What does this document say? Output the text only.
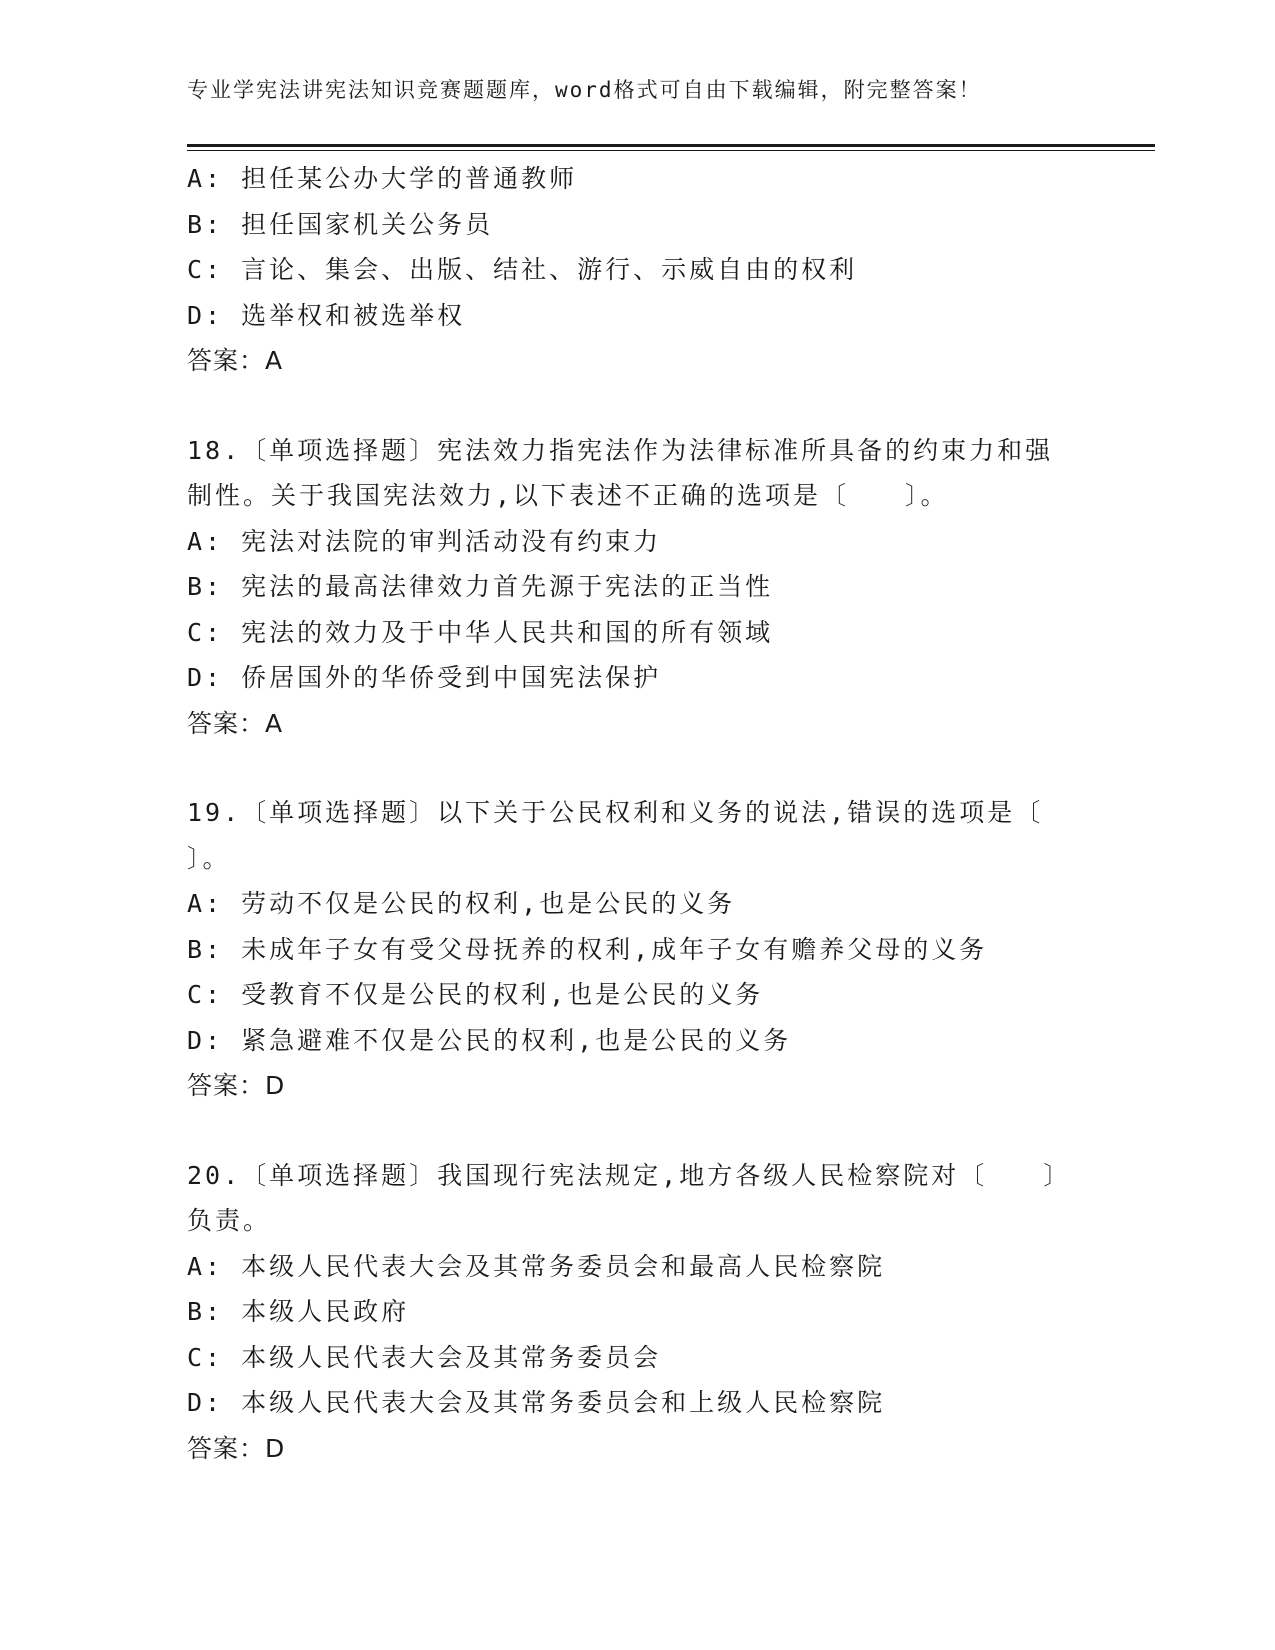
专业学宪法讲宪法知识竞赛题题库，word格式可自由下载编辑，附完整答案！
A: 担任某公办大学的普通教师
B: 担任国家机关公务员
C: 言论、集会、出版、结社、游行、示威自由的权利
D: 选举权和被选举权
答案：A
18.〔单项选择题〕宪法效力指宪法作为法律标准所具备的约束力和强
制性。关于我国宪法效力,以下表述不正确的选项是〔　　〕。
A: 宪法对法院的审判活动没有约束力
B: 宪法的最高法律效力首先源于宪法的正当性
C: 宪法的效力及于中华人民共和国的所有领域
D: 侨居国外的华侨受到中国宪法保护
答案：A
19.〔单项选择题〕以下关于公民权利和义务的说法,错误的选项是〔
〕。
A: 劳动不仅是公民的权利,也是公民的义务
B: 未成年子女有受父母抚养的权利,成年子女有赡养父母的义务
C: 受教育不仅是公民的权利,也是公民的义务
D: 紧急避难不仅是公民的权利,也是公民的义务
答案：D
20.〔单项选择题〕我国现行宪法规定,地方各级人民检察院对〔　　〕
负责。
A: 本级人民代表大会及其常务委员会和最高人民检察院
B: 本级人民政府
C: 本级人民代表大会及其常务委员会
D: 本级人民代表大会及其常务委员会和上级人民检察院
答案：D
